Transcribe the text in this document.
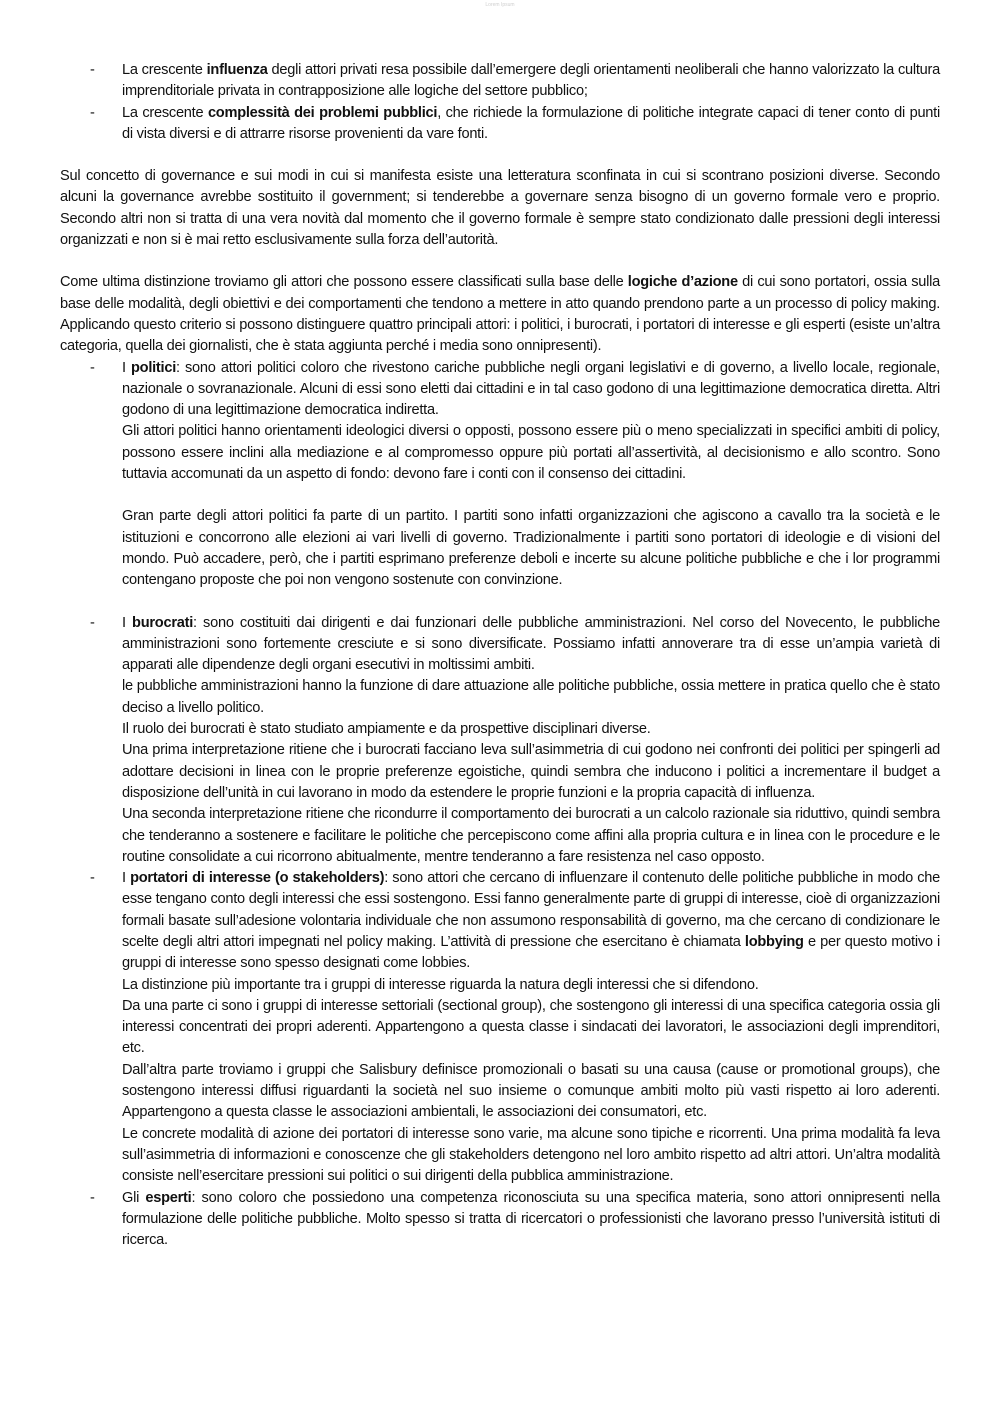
Lorem Ipsum
- La crescente influenza degli attori privati resa possibile dall’emergere degli orientamenti neoliberali che hanno valorizzato la cultura imprenditoriale privata in contrapposizione alle logiche del settore pubblico;
- La crescente complessità dei problemi pubblici, che richiede la formulazione di politiche integrate capaci di tener conto di punti di vista diversi e di attrarre risorse provenienti da vare fonti.

Sul concetto di governance e sui modi in cui si manifesta esiste una letteratura sconfinata in cui si scontrano posizioni diverse. Secondo alcuni la governance avrebbe sostituito il government; si tenderebbe a governare senza bisogno di un governo formale vero e proprio. Secondo altri non si tratta di una vera novità dal momento che il governo formale è sempre stato condizionato dalle pressioni degli interessi organizzati e non si è mai retto esclusivamente sulla forza dell’autorità.

Come ultima distinzione troviamo gli attori che possono essere classificati sulla base delle logiche d’azione di cui sono portatori, ossia sulla base delle modalità, degli obiettivi e dei comportamenti che tendono a mettere in atto quando prendono parte a un processo di policy making. Applicando questo criterio si possono distinguere quattro principali attori: i politici, i burocrati, i portatori di interesse e gli esperti (esiste un’altra categoria, quella dei giornalisti, che è stata aggiunta perché i media sono onnipresenti).

- I politici: sono attori politici coloro che rivestono cariche pubbliche negli organi legislativi e di governo, a livello locale, regionale, nazionale o sovranazionale. Alcuni di essi sono eletti dai cittadini e in tal caso godono di una legittimazione democratica diretta. Altri godono di una legittimazione democratica indiretta.

Gli attori politici hanno orientamenti ideologici diversi o opposti, possono essere più o meno specializzati in specifici ambiti di policy, possono essere inclini alla mediazione e al compromesso oppure più portati all’assertività, al decisionismo e allo scontro. Sono tuttavia accomunati da un aspetto di fondo: devono fare i conti con il consenso dei cittadini.

Gran parte degli attori politici fa parte di un partito. I partiti sono infatti organizzazioni che agiscono a cavallo tra la società e le istituzioni e concorrono alle elezioni ai vari livelli di governo. Tradizionalmente i partiti sono portatori di ideologie e di visioni del mondo. Può accadere, però, che i partiti esprimano preferenze deboli e incerte su alcune politiche pubbliche e che i lor programmi contengano proposte che poi non vengono sostenute con convinzione.

- I burocrati: sono costituiti dai dirigenti e dai funzionari delle pubbliche amministrazioni. Nel corso del Novecento, le pubbliche amministrazioni sono fortemente cresciute e si sono diversificate. Possiamo infatti annoverare tra di esse un’ampia varietà di apparati alle dipendenze degli organi esecutivi in moltissimi ambiti.

le pubbliche amministrazioni hanno la funzione di dare attuazione alle politiche pubbliche, ossia mettere in pratica quello che è stato deciso a livello politico.

Il ruolo dei burocrati è stato studiato ampiamente e da prospettive disciplinari diverse.

Una prima interpretazione ritiene che i burocrati facciano leva sull’asimmetria di cui godono nei confronti dei politici per spingerli ad adottare decisioni in linea con le proprie preferenze egoistiche, quindi sembra che inducono i politici a incrementare il budget a disposizione dell’unità in cui lavorano in modo da estendere le proprie funzioni e la propria capacità di influenza.

Una seconda interpretazione ritiene che ricondurre il comportamento dei burocrati a un calcolo razionale sia riduttivo, quindi sembra che tenderanno a sostenere e facilitare le politiche che percepiscono come affini alla propria cultura e in linea con le procedure e le routine consolidate a cui ricorrono abitualmente, mentre tenderanno a fare resistenza nel caso opposto.

- I portatori di interesse (o stakeholders): sono attori che cercano di influenzare il contenuto delle politiche pubbliche in modo che esse tengano conto degli interessi che essi sostengono. Essi fanno generalmente parte di gruppi di interesse, cioè di organizzazioni formali basate sull’adesione volontaria individuale che non assumono responsabilità di governo, ma che cercano di condizionare le scelte degli altri attori impegnati nel policy making. L’attività di pressione che esercitano è chiamata lobbying e per questo motivo i gruppi di interesse sono spesso designati come lobbies.

La distinzione più importante tra i gruppi di interesse riguarda la natura degli interessi che si difendono.

Da una parte ci sono i gruppi di interesse settoriali (sectional group), che sostengono gli interessi di una specifica categoria ossia gli interessi concentrati dei propri aderenti. Appartengono a questa classe i sindacati dei lavoratori, le associazioni degli imprenditori, etc.

Dall’altra parte troviamo i gruppi che Salisbury definisce promozionali o basati su una causa (cause or promotional groups), che sostengono interessi diffusi riguardanti la società nel suo insieme o comunque ambiti molto più vasti rispetto ai loro aderenti. Appartengono a questa classe le associazioni ambientali, le associazioni dei consumatori, etc.

Le concrete modalità di azione dei portatori di interesse sono varie, ma alcune sono tipiche e ricorrenti. Una prima modalità fa leva sull’asimmetria di informazioni e conoscenze che gli stakeholders detengono nel loro ambito rispetto ad altri attori. Un’altra modalità consiste nell’esercitare pressioni sui politici o sui dirigenti della pubblica amministrazione.

- Gli esperti: sono coloro che possiedono una competenza riconosciuta su una specifica materia, sono attori onnipresenti nella formulazione delle politiche pubbliche. Molto spesso si tratta di ricercatori o professionisti che lavorano presso l’università istituti di ricerca.
